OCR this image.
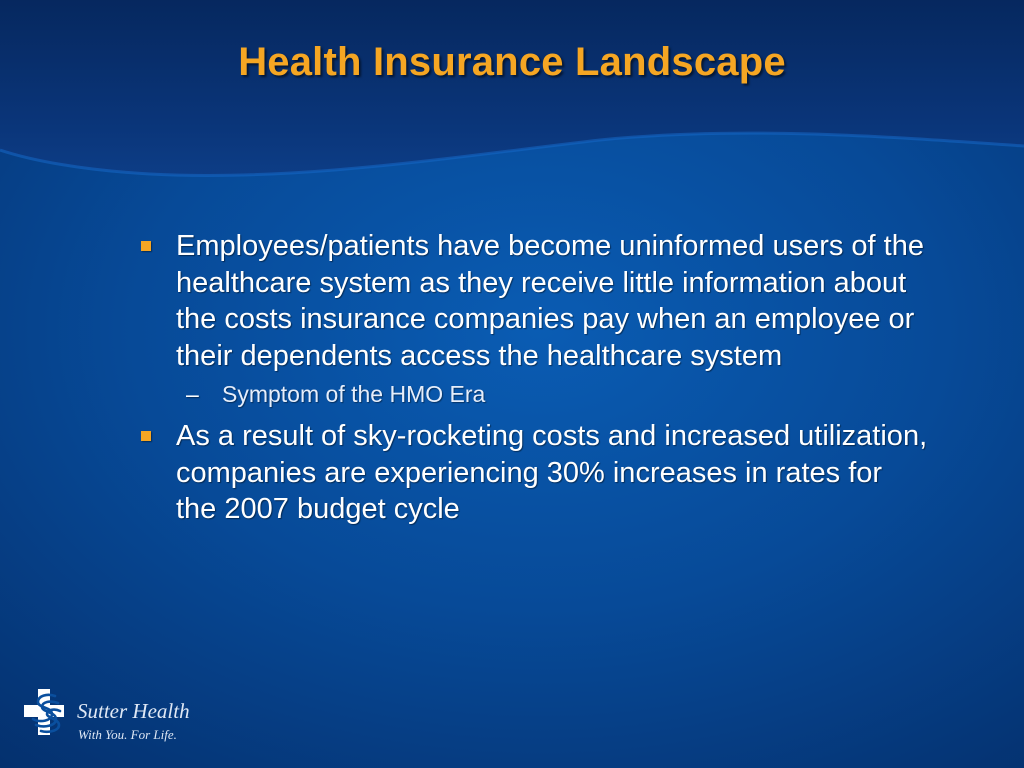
Health Insurance Landscape
Employees/patients have become uninformed users of the healthcare system as they receive little information about the costs insurance companies pay when an employee or their dependents access the healthcare system
– Symptom of the HMO Era
As a result of sky-rocketing costs and increased utilization, companies are experiencing 30% increases in rates for the 2007 budget cycle
Sutter Health
With You. For Life.
